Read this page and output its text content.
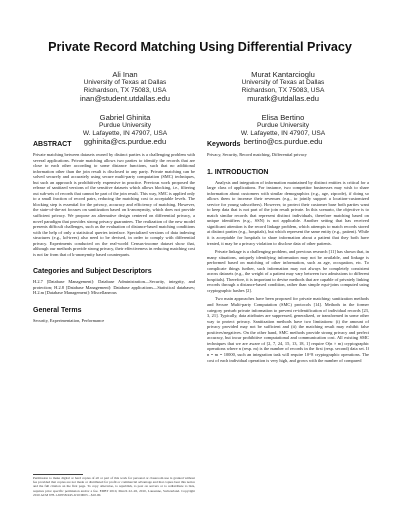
Private Record Matching Using Differential Privacy
Ali Inan
University of Texas at Dallas
Richardson, TX 75083, USA
inan@student.utdallas.edu
Murat Kantarcioglu
University of Texas at Dallas
Richardson, TX 75083, USA
muratk@utdallas.edu
Gabriel Ghinita
Purdue University
W. Lafayette, IN 47907, USA
gghinita@cs.purdue.edu
Elisa Bertino
Purdue University
W. Lafayette, IN 47907, USA
bertino@cs.purdue.edu
ABSTRACT

Private matching between datasets owned by distinct parties is a challenging problem with several applications. Private matching allows two parties to identify the records that are close to each other according to some distance functions, such that no additional information other than the join result is disclosed to any party. Private matching can be solved securely and accurately using secure multi-party computation (SMC) techniques, but such an approach is prohibitively expensive in practice. Previous work proposed the release of sanitized versions of the sensitive datasets which allows blocking, i.e., filtering out sub-sets of records that cannot be part of the join result. This way, SMC is applied only to a small fraction of record pairs, reducing the matching cost to acceptable levels. The blocking step is essential for the privacy, accuracy and efficiency of matching. However, the state-of-the-art focuses on sanitization based on k-anonymity, which does not provide sufficient privacy. We propose an alternative design centered on differential privacy, a novel paradigm that provides strong privacy guarantees. The realization of the new model presents difficult challenges, such as the evaluation of distance-based matching conditions with the help of only a statistical queries interface. Specialized versions of data indexing structures (e.g., kd-trees) also need to be devised, in order to comply with differential privacy. Experiments conducted on the real-world Census-income dataset show that, although our methods provide strong privacy, their effectiveness in reducing matching cost is not far from that of k-anonymity based counterparts.

Categories and Subject Descriptors

H.2.7 [Database Management]: Database Administration—Security, integrity, and protection; H.2.8 [Database Management]: Database applications—Statistical databases; H.2.m [Database Management]: Miscellaneous

General Terms

Security, Experimentation, Performance

Permission to make digital or hard copies of all or part of this work for personal or classroom use is granted without fee provided that copies are not made or distributed for profit or commercial advantage and that copies bear this notice and the full citation on the first page. To copy otherwise, to republish, to post on servers or to redistribute to lists, requires prior specific permission and/or a fee. EDBT 2010, March 22–26, 2010, Lausanne, Switzerland. Copyright 2010 ACM 978-1-60558-945-9/10/0003 ...$10.00.
Keywords

Privacy, Security, Record matching, Differential privacy

1. INTRODUCTION

Analysis and integration of information maintained by distinct entities is critical for a large class of applications. For instance, two competitor businesses may wish to share information about customers with similar demographics (e.g., age, zipcode), if doing so allows them to increase their revenues (e.g., to jointly support a location-customized service for young subscribers). However, to protect their customer base both parties want to keep data that is not part of the join result private. In this scenario, the objective is to match similar records that represent distinct individuals, therefore matching based on unique identifiers (e.g., SSN) is not applicable. Another setting that has received significant attention is the record linkage problem, which attempts to match records stored at distinct parties (e.g., hospitals), but which represent the same entity (e.g., patient). While it is acceptable for hospitals to share information about a patient that they both have treated, it may be a privacy violation to disclose data of other patients.

Private linkage is a challenging problem, and previous research [11] has shown that, in many situations, uniquely identifying information may not be available, and linkage is performed based on matching of other information, such as age, occupation, etc. To complicate things further, such information may not always be completely consistent across datasets (e.g., the weight of a patient may vary between two admissions to different hospitals). Therefore, it is important to devise methods that are capable of privately linking records through a distance-based condition, rather than simple equi-joins computed using cryptographic hashes [2].

Two main approaches have been proposed for private matching: sanitization methods and Secure Multi-party Computation (SMC) protocols [14]. Methods in the former category perturb private information to prevent re-identification of individual records [23, 3, 21]. Typically, data attributes are suppressed, generalized, or transformed in some other way to protect privacy. Sanitization methods have two limitations: (i) the amount of privacy provided may not be sufficient and (ii) the matching result may exhibit false positives/negatives. On the other hand, SMC methods provide strong privacy and perfect accuracy, but incur prohibitive computational and communication cost. All existing SMC techniques that we are aware of [2, 7, 24, 15, 13, 18, 1] require O(n × m) cryptographic operations where n (resp. m) is the number of records in the first (resp. second) data set. If n = m = 10000, such an integration task will require 10^8 cryptographic operations. The cost of each individual operation is very high, and grows with the number of compared
